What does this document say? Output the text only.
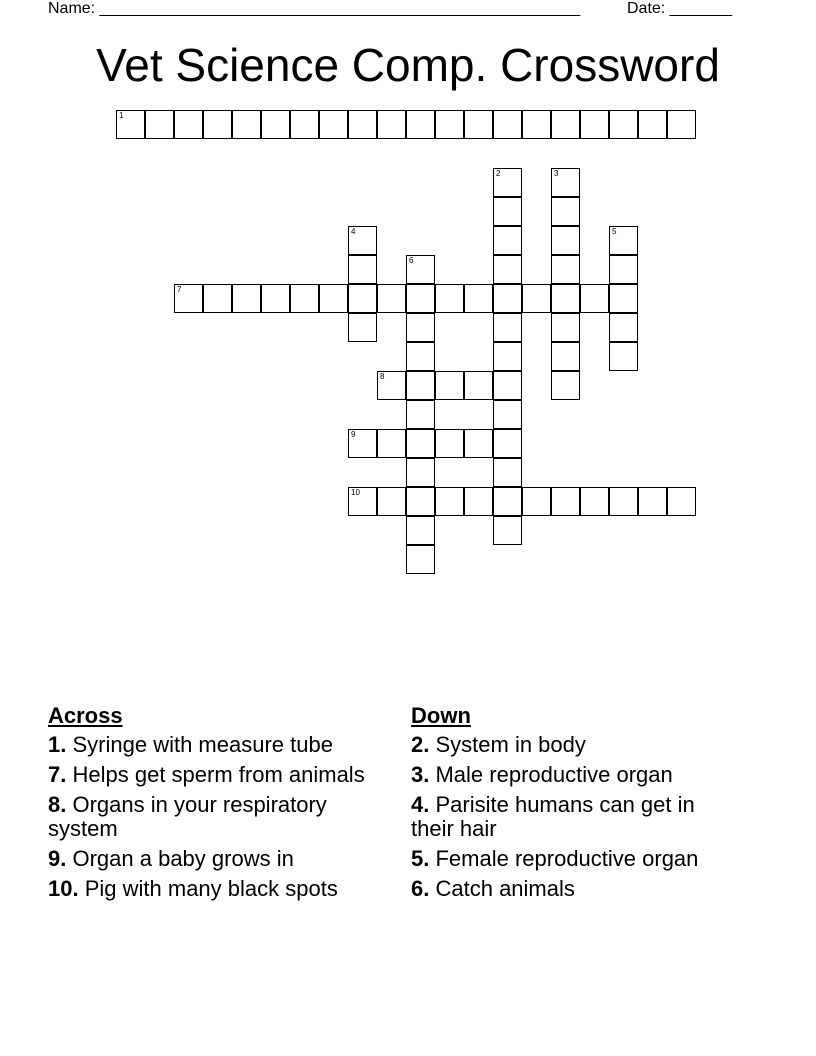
Name: ______________________________________________________	Date: _______
Vet Science Comp. Crossword
1
2	3
4	5
6
7
8
9
10
Across
1. Syringe with measure tube
7. Helps get sperm from animals
8. Organs in your respiratory system
9. Organ a baby grows in
10. Pig with many black spots
Down
2. System in body
3. Male reproductive organ
4. Parisite humans can get in their hair
5. Female reproductive organ
6. Catch animals
